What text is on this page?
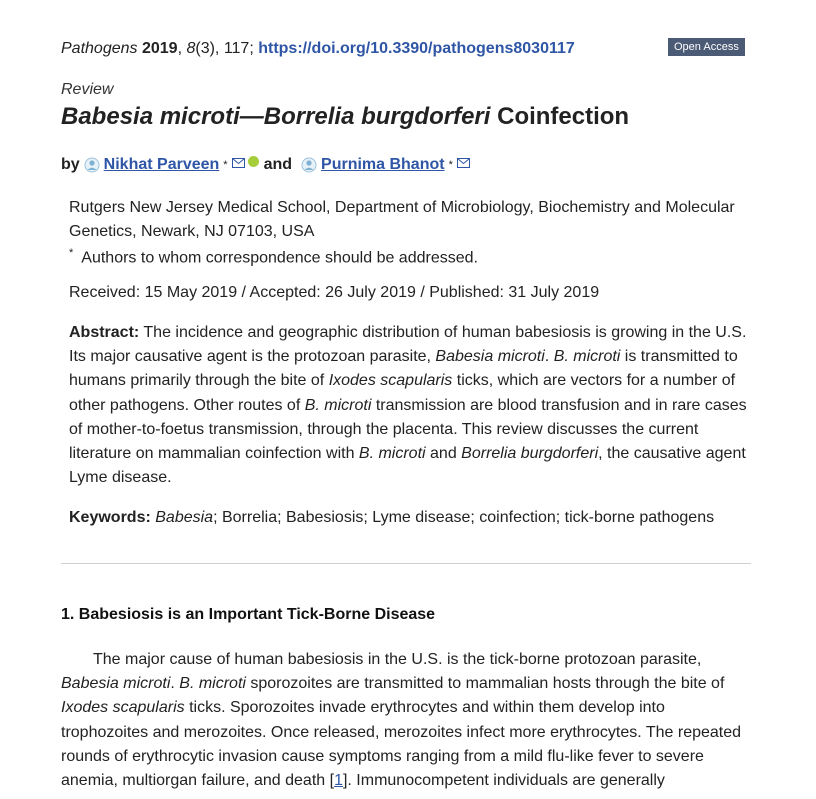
Pathogens 2019, 8(3), 117; https://doi.org/10.3390/pathogens8030117	Open Access
Review
Babesia microti—Borrelia burgdorferi Coinfection
by Nikhat Parveen * and Purnima Bhanot *
Rutgers New Jersey Medical School, Department of Microbiology, Biochemistry and Molecular Genetics, Newark, NJ 07103, USA
* Authors to whom correspondence should be addressed.
Received: 15 May 2019 / Accepted: 26 July 2019 / Published: 31 July 2019
Abstract: The incidence and geographic distribution of human babesiosis is growing in the U.S. Its major causative agent is the protozoan parasite, Babesia microti. B. microti is transmitted to humans primarily through the bite of Ixodes scapularis ticks, which are vectors for a number of other pathogens. Other routes of B. microti transmission are blood transfusion and in rare cases of mother-to-foetus transmission, through the placenta. This review discusses the current literature on mammalian coinfection with B. microti and Borrelia burgdorferi, the causative agent Lyme disease.
Keywords: Babesia; Borrelia; Babesiosis; Lyme disease; coinfection; tick-borne pathogens
1. Babesiosis is an Important Tick-Borne Disease
The major cause of human babesiosis in the U.S. is the tick-borne protozoan parasite, Babesia microti. B. microti sporozoites are transmitted to mammalian hosts through the bite of Ixodes scapularis ticks. Sporozoites invade erythrocytes and within them develop into trophozoites and merozoites. Once released, merozoites infect more erythrocytes. The repeated rounds of erythrocytic invasion cause symptoms ranging from a mild flu-like fever to severe anemia, multiorgan failure, and death [1]. Immunocompetent individuals are generally
